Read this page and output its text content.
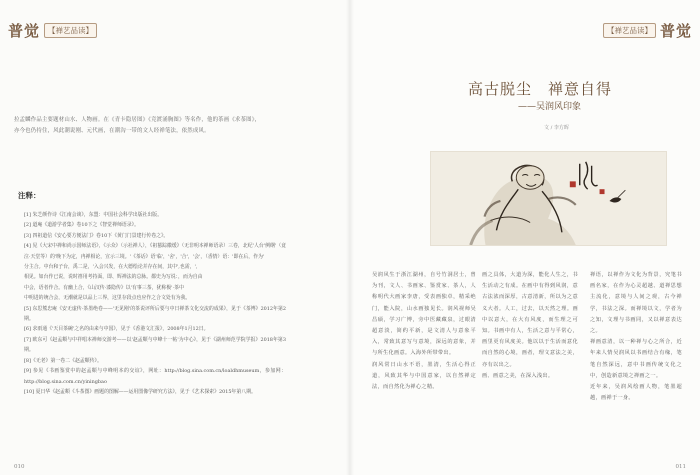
普觉	【禅艺品读】
拉孟麟作品主要题材山水、人物画。在《青卡隐居图》《竞渡涌胸图》等名作，他的茶画《求茶图》，亦今也仍持住，风此潮说刚、元代画，在潮沟一带的文人经禅笔法，依然成风。
注释：
[1] 朱芝颜作诗《江南会谈》，东盟：中国社会科学出版社出版。
[2] 道庵《道游学者集》卷10下之《智觉禅师语录》。
[3] 四祖道信《安心要方便法门》卷10下《黄门门景建行传卷之》。
[4] 见《大宋中禅和尚示国师法语》，《示众》（示社禅人），《祖篡踪徽缓》（无非明本禅师语录）三卷，北纪'人台'例纲'（竟泣·天堂等）的'晚下为定，冉禅相论，宣示三境。'《茶话》语'临'，'舍'，'合'，'会'，（香情）语：'即在后，作为'
分主合。中台和子台，禹二是，'入会兴发，在大德绘论并存在间，其中',也需，',
相见。如台作已说，说时禧用考持面，即、辉禅法的总脉。都史为写说：，而为自由
中会，语者作合。有幽上合，《山汉传·漆隐传》以'有事三茶，犹称极'·茶中
中明进的统合会，无潮就是以品上三界，这里存段点也应作之合文处有为我。
[5] 东思熊忠庵《安无虚传·茶墨绝卷——'无见刚'的茶说评所后要与中日禅茶文化交流的成果》，见于《茶博》2012年第2期。
[6] 求雨通《'天目茶碗'之名的由来与中国》，见于《香港文汇报》，2008年1月12日。
[7] 欧东可《赵孟頫与中祥唱本禅师交游考——以'赵孟頫与中峰十一帖'为中心》，见于《湖州师范学院学报》2018年第3期。
[8]《无老》第一卷二《赵孟頫传》。
[9] 参见《书画鉴赏中的赵孟頫与中峰明本的交谊》，网址：http://blog.sina.com.cn/loaldhmuseum，参加网：http://blog.sina.com.cn/yiningbao
[10] 夏日华《赵孟頫《斗茶图》画题的图解——运用图像学研究方法》，见于《艺术探索》2015年第八期。
010
【禅艺品读】 普觉
高古脱尘　禅意自得
——吴润风印象
文 / 李方晖

吴润风生于浙江湖州，自号竹洞居士，曾为刊，文人、书画家、鉴赏家、茶人，人称明代大画家李唐，受表画独卓，精采绝门，能入院，山水画独见长。润风视师吴昌硕，学习广博，旁中医藏藏泉，过眼清超意淡，简约平新，是文清人与意象平入，常致其意写与意境，深远的意象，并与所生化画意。入海外所带带出。

润风常日山水不语，墨清，生活心得正道，风致其华与中国意家，以自然禅定法，而自然化为禅心之精。

画之具体，大道为深，能化人生之，书生活动之有成。在画中有得到风润，意古法浓而深厚，古意清新，所以为之意义大者。人工，过去，以天然之理。画中以意大，在大有风度，而生理之可知。书画中有人，生活之意与平常心，画里更有风度美。他以以于生活而意化而自然的心境，画者，理文意法之美，亦有以出之。

画、画意之美，在深入浅出。

禅语，以禅作为文化为背景，究笔书画名家，在作为心灵超越、道禅思想主流化，意境与人间之观，古今禅学，书法之深。而禅境以文，学者为之知，文理与书画同，又以禅意表达之。

禅画意清，以一种禅与心之所合，近年来人情吴润风以书画结合有缘，笔笔自然深远，意中书画传统文化之中，创造新意境之禅画之一。

近年来，吴润风绘画人物，笔墨超越，画禅于一身。

011
